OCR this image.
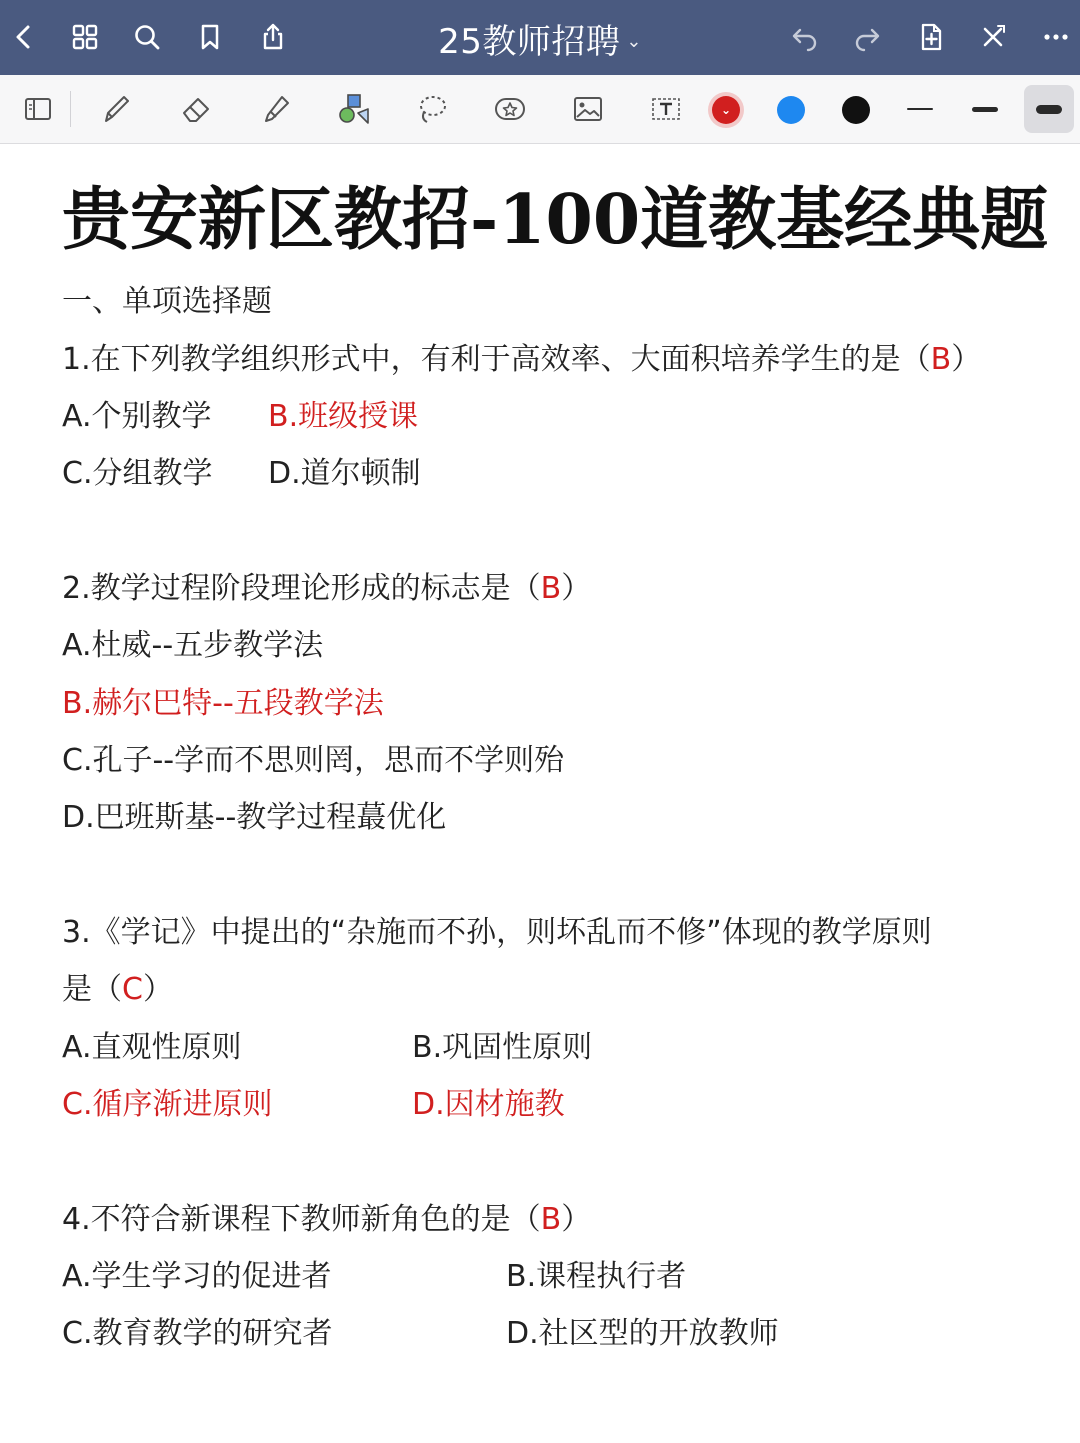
25教师招聘 ⌄
⌄
贵安新区教招-100道教基经典题
一、单项选择题
1.在下列教学组织形式中，有利于高效率、大面积培养学生的是（B）
A.个别教学 B.班级授课
C.分组教学 D.道尔顿制
2.教学过程阶段理论形成的标志是（B）
A.杜威--五步教学法
B.赫尔巴特--五段教学法
C.孔子--学而不思则罔，思而不学则殆
D.巴班斯基--教学过程蕞优化
3.《学记》中提出的“杂施而不孙，则坏乱而不修”体现的教学原则
是（C）
A.直观性原则	B.巩固性原则
C.循序渐进原则	D.因材施教
4.不符合新课程下教师新角色的是（B）
A.学生学习的促进者	B.课程执行者
C.教育教学的研究者	D.社区型的开放教师
